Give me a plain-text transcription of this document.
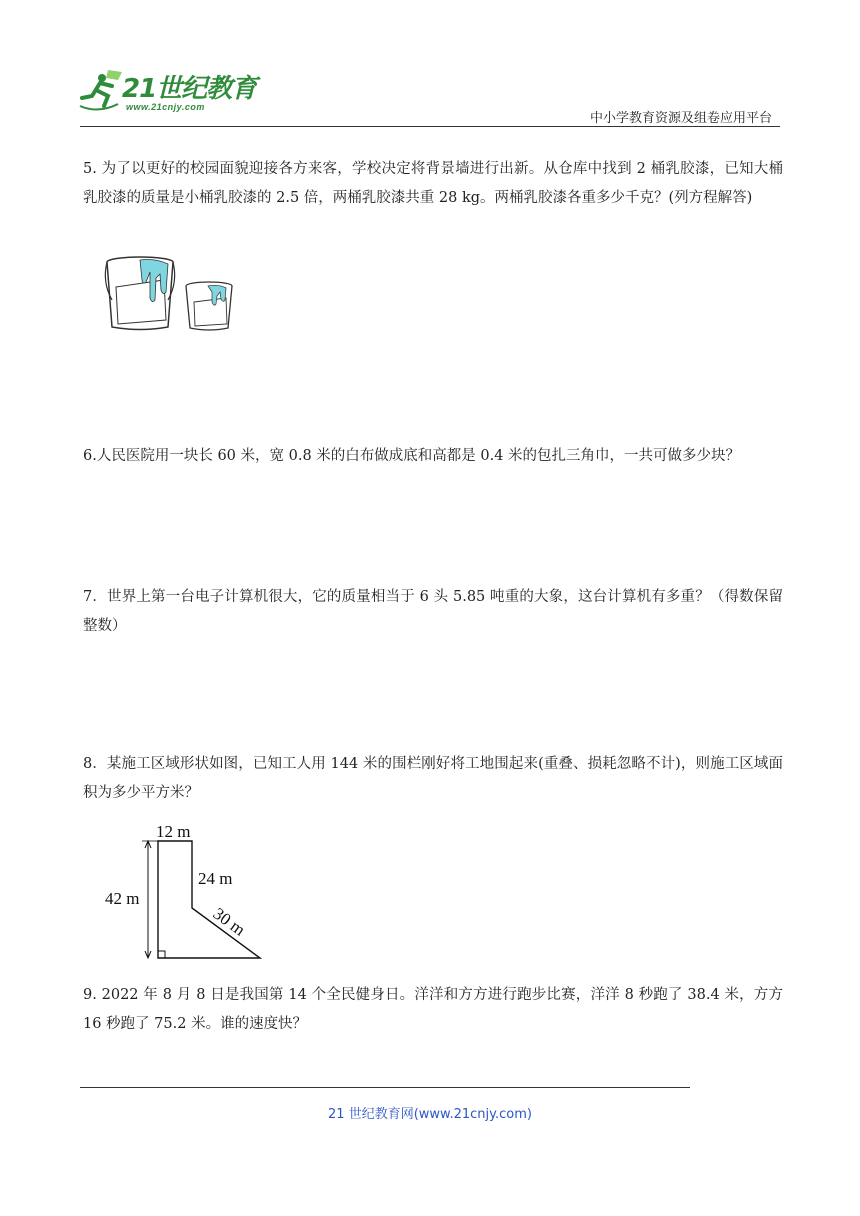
21世纪教育
www.21cnjy.com
中小学教育资源及组卷应用平台
5. 为了以更好的校园面貌迎接各方来客，学校决定将背景墙进行出新。从仓库中找到 2 桶乳胶漆，已知大桶乳胶漆的质量是小桶乳胶漆的 2.5 倍，两桶乳胶漆共重 28 kg。两桶乳胶漆各重多少千克？(列方程解答)
6.人民医院用一块长 60 米，宽 0.8 米的白布做成底和高都是 0.4 米的包扎三角巾，一共可做多少块？
7．世界上第一台电子计算机很大，它的质量相当于 6 头 5.85 吨重的大象，这台计算机有多重？（得数保留整数）
8．某施工区域形状如图，已知工人用 144 米的围栏刚好将工地围起来(重叠、损耗忽略不计)，则施工区域面积为多少平方米？
12 m
42 m
24 m
30 m
9. 2022 年 8 月 8 日是我国第 14 个全民健身日。洋洋和方方进行跑步比赛，洋洋 8 秒跑了 38.4 米，方方 16 秒跑了 75.2 米。谁的速度快？
21 世纪教育网(www.21cnjy.com)
